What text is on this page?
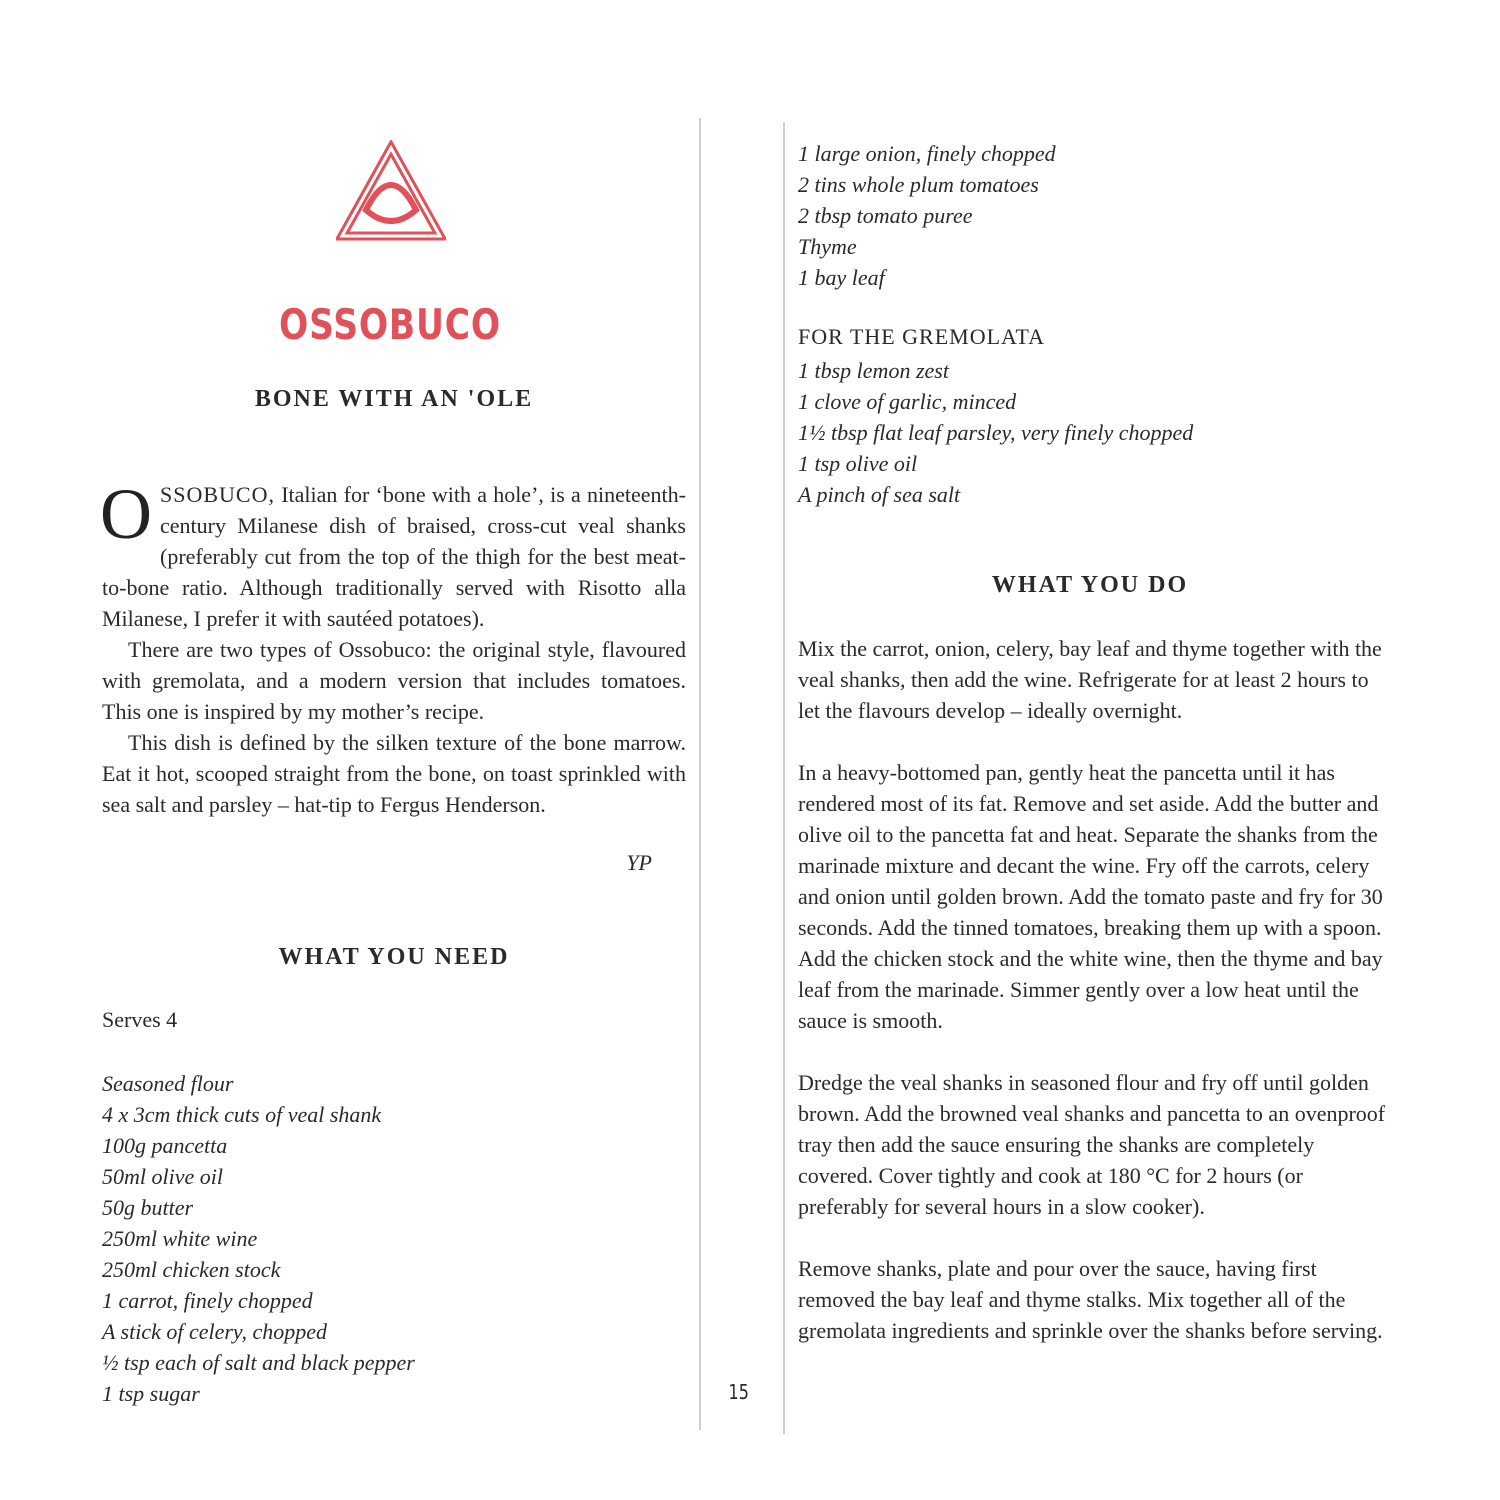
OSSOBUCO
BONE WITH AN 'OLE

OSSOBUCO, Italian for ‘bone with a hole’, is a nineteenth-century Milanese dish of braised, cross-cut veal shanks (preferably cut from the top of the thigh for the best meat-to-bone ratio. Although traditionally served with Risotto alla Milanese, I prefer it with sautéed potatoes).

There are two types of Ossobuco: the original style, flavoured with gremolata, and a modern version that includes tomatoes. This one is inspired by my mother’s recipe.

This dish is defined by the silken texture of the bone marrow. Eat it hot, scooped straight from the bone, on toast sprinkled with sea salt and parsley – hat-tip to Fergus Henderson.

YP
WHAT YOU NEED
Serves 4
Seasoned flour
4 x 3cm thick cuts of veal shank
100g pancetta
50ml olive oil
50g butter
250ml white wine
250ml chicken stock
1 carrot, finely chopped
A stick of celery, chopped
½ tsp each of salt and black pepper
1 tsp sugar	15
1 large onion, finely chopped
2 tins whole plum tomatoes
2 tbsp tomato puree
Thyme
1 bay leaf
FOR THE GREMOLATA
1 tbsp lemon zest
1 clove of garlic, minced
1½ tbsp flat leaf parsley, very finely chopped
1 tsp olive oil
A pinch of sea salt
WHAT YOU DO

Mix the carrot, onion, celery, bay leaf and thyme together with the veal shanks, then add the wine. Refrigerate for at least 2 hours to let the flavours develop – ideally overnight.

In a heavy-bottomed pan, gently heat the pancetta until it has rendered most of its fat. Remove and set aside. Add the butter and olive oil to the pancetta fat and heat. Separate the shanks from the marinade mixture and decant the wine. Fry off the carrots, celery and onion until golden brown. Add the tomato paste and fry for 30 seconds. Add the tinned tomatoes, breaking them up with a spoon. Add the chicken stock and the white wine, then the thyme and bay leaf from the marinade. Simmer gently over a low heat until the sauce is smooth.

Dredge the veal shanks in seasoned flour and fry off until golden brown. Add the browned veal shanks and pancetta to an ovenproof tray then add the sauce ensuring the shanks are completely covered. Cover tightly and cook at 180 °C for 2 hours (or preferably for several hours in a slow cooker).

Remove shanks, plate and pour over the sauce, having first removed the bay leaf and thyme stalks. Mix together all of the gremolata ingredients and sprinkle over the shanks before serving.
